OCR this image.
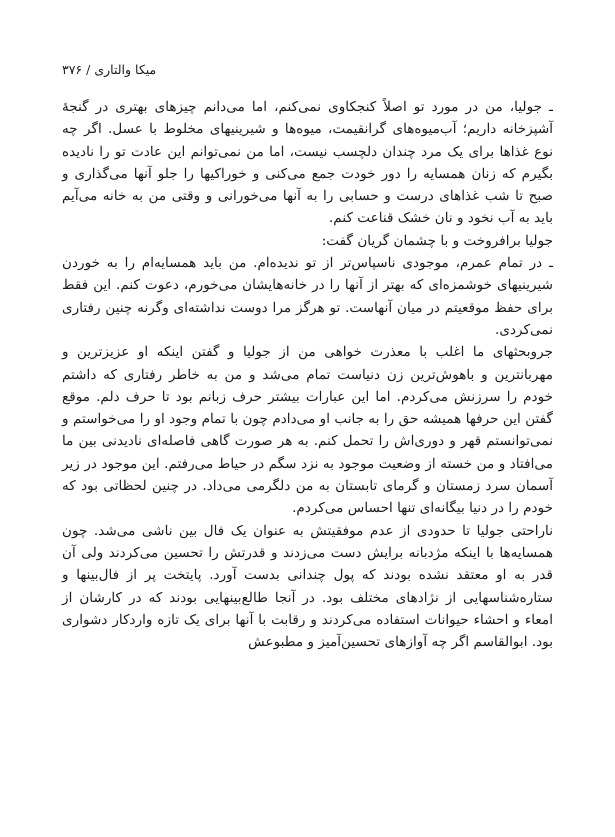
۳۷۶ / میکا والتاری

ـ جولیا، من در مورد تو اصلاً کنجکاوی نمی‌کنم، اما می‌دانم چیزهای بهتری در گنجهٔ آشپزخانه داریم؛ آب‌میوه‌های گرانقیمت، میوه‌ها و شیرینیهای مخلوط با عسل. اگر چه نوع غذاها برای یک مرد چندان دلچسب نیست، اما من نمی‌توانم این عادت تو را نادیده بگیرم که زنان همسایه را دور خودت جمع می‌کنی و خوراکیها را جلو آنها می‌گذاری و صبح تا شب غذاهای درست و حسابی را به آنها می‌خورانی و وقتی من به خانه می‌آیم باید به آب نخود و نان خشک قناعت کنم.

جولیا برافروخت و با چشمان گریان گفت:

ـ در تمام عمرم، موجودی ناسپاس‌تر از تو ندیده‌ام. من باید همسایه‌ام را به خوردن شیرینیهای خوشمزه‌ای که بهتر از آنها را در خانه‌هایشان می‌خورم، دعوت کنم. این فقط برای حفظ موقعیتم در میان آنهاست. تو هرگز مرا دوست نداشته‌ای وگرنه چنین رفتاری نمی‌کردی.

جروبحثهای ما اغلب با معذرت خواهی من از جولیا و گفتن اینکه او عزیزترین و مهربانترین و باهوش‌ترین زن دنیاست تمام می‌شد و من به خاطر رفتاری که داشتم خودم را سرزنش می‌کردم. اما این عبارات بیشتر حرف زبانم بود تا حرف دلم. موقع گفتن این حرفها همیشه حق را به جانب او می‌دادم چون با تمام وجود او را می‌خواستم و نمی‌توانستم قهر و دوری‌اش را تحمل کنم. به هر صورت گاهی فاصله‌ای نادیدنی بین ما می‌افتاد و من خسته از وضعیت موجود به نزد سگم در حیاط می‌رفتم. این موجود در زیر آسمان سرد زمستان و گرمای تابستان به من دلگرمی می‌داد. در چنین لحظاتی بود که خودم را در دنیا بیگانه‌ای تنها احساس می‌کردم.

ناراحتی جولیا تا حدودی از عدم موفقیتش به عنوان یک فال بین ناشی می‌شد. چون همسایه‌ها با اینکه مژدبانه برایش دست می‌زدند و قدرتش را تحسین می‌کردند ولی آن قدر به او معتقد نشده بودند که پول چندانی بدست آورد. پایتخت پر از فال‌بینها و ستاره‌شناسهایی از نژادهای مختلف بود. در آنجا طالع‌بینهایی بودند که در کارشان از امعاء و احشاء حیوانات استفاده می‌کردند و رقابت با آنها برای یک تازه واردکار دشواری بود. ابوالقاسم اگر چه آوازهای تحسین‌آمیز و مطبوعش
